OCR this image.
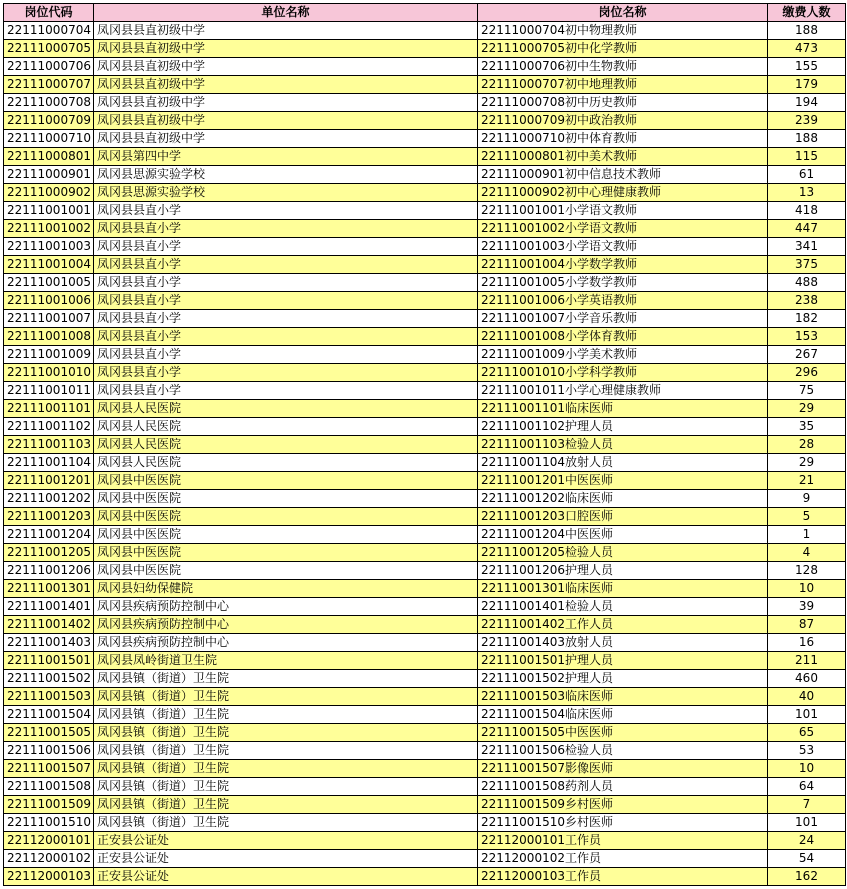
岗位代码	单位名称	岗位名称	缴费人数
22111000704	凤冈县县直初级中学	22111000704初中物理教师	188
22111000705	凤冈县县直初级中学	22111000705初中化学教师	473
22111000706	凤冈县县直初级中学	22111000706初中生物教师	155
22111000707	凤冈县县直初级中学	22111000707初中地理教师	179
22111000708	凤冈县县直初级中学	22111000708初中历史教师	194
22111000709	凤冈县县直初级中学	22111000709初中政治教师	239
22111000710	凤冈县县直初级中学	22111000710初中体育教师	188
22111000801	凤冈县第四中学	22111000801初中美术教师	115
22111000901	凤冈县思源实验学校	22111000901初中信息技术教师	61
22111000902	凤冈县思源实验学校	22111000902初中心理健康教师	13
22111001001	凤冈县县直小学	22111001001小学语文教师	418
22111001002	凤冈县县直小学	22111001002小学语文教师	447
22111001003	凤冈县县直小学	22111001003小学语文教师	341
22111001004	凤冈县县直小学	22111001004小学数学教师	375
22111001005	凤冈县县直小学	22111001005小学数学教师	488
22111001006	凤冈县县直小学	22111001006小学英语教师	238
22111001007	凤冈县县直小学	22111001007小学音乐教师	182
22111001008	凤冈县县直小学	22111001008小学体育教师	153
22111001009	凤冈县县直小学	22111001009小学美术教师	267
22111001010	凤冈县县直小学	22111001010小学科学教师	296
22111001011	凤冈县县直小学	22111001011小学心理健康教师	75
22111001101	凤冈县人民医院	22111001101临床医师	29
22111001102	凤冈县人民医院	22111001102护理人员	35
22111001103	凤冈县人民医院	22111001103检验人员	28
22111001104	凤冈县人民医院	22111001104放射人员	29
22111001201	凤冈县中医医院	22111001201中医医师	21
22111001202	凤冈县中医医院	22111001202临床医师	9
22111001203	凤冈县中医医院	22111001203口腔医师	5
22111001204	凤冈县中医医院	22111001204中医医师	1
22111001205	凤冈县中医医院	22111001205检验人员	4
22111001206	凤冈县中医医院	22111001206护理人员	128
22111001301	凤冈县妇幼保健院	22111001301临床医师	10
22111001401	凤冈县疾病预防控制中心	22111001401检验人员	39
22111001402	凤冈县疾病预防控制中心	22111001402工作人员	87
22111001403	凤冈县疾病预防控制中心	22111001403放射人员	16
22111001501	凤冈县凤岭街道卫生院	22111001501护理人员	211
22111001502	凤冈县镇（街道）卫生院	22111001502护理人员	460
22111001503	凤冈县镇（街道）卫生院	22111001503临床医师	40
22111001504	凤冈县镇（街道）卫生院	22111001504临床医师	101
22111001505	凤冈县镇（街道）卫生院	22111001505中医医师	65
22111001506	凤冈县镇（街道）卫生院	22111001506检验人员	53
22111001507	凤冈县镇（街道）卫生院	22111001507影像医师	10
22111001508	凤冈县镇（街道）卫生院	22111001508药剂人员	64
22111001509	凤冈县镇（街道）卫生院	22111001509乡村医师	7
22111001510	凤冈县镇（街道）卫生院	22111001510乡村医师	101
22112000101	正安县公证处	22112000101工作员	24
22112000102	正安县公证处	22112000102工作员	54
22112000103	正安县公证处	22112000103工作员	162
